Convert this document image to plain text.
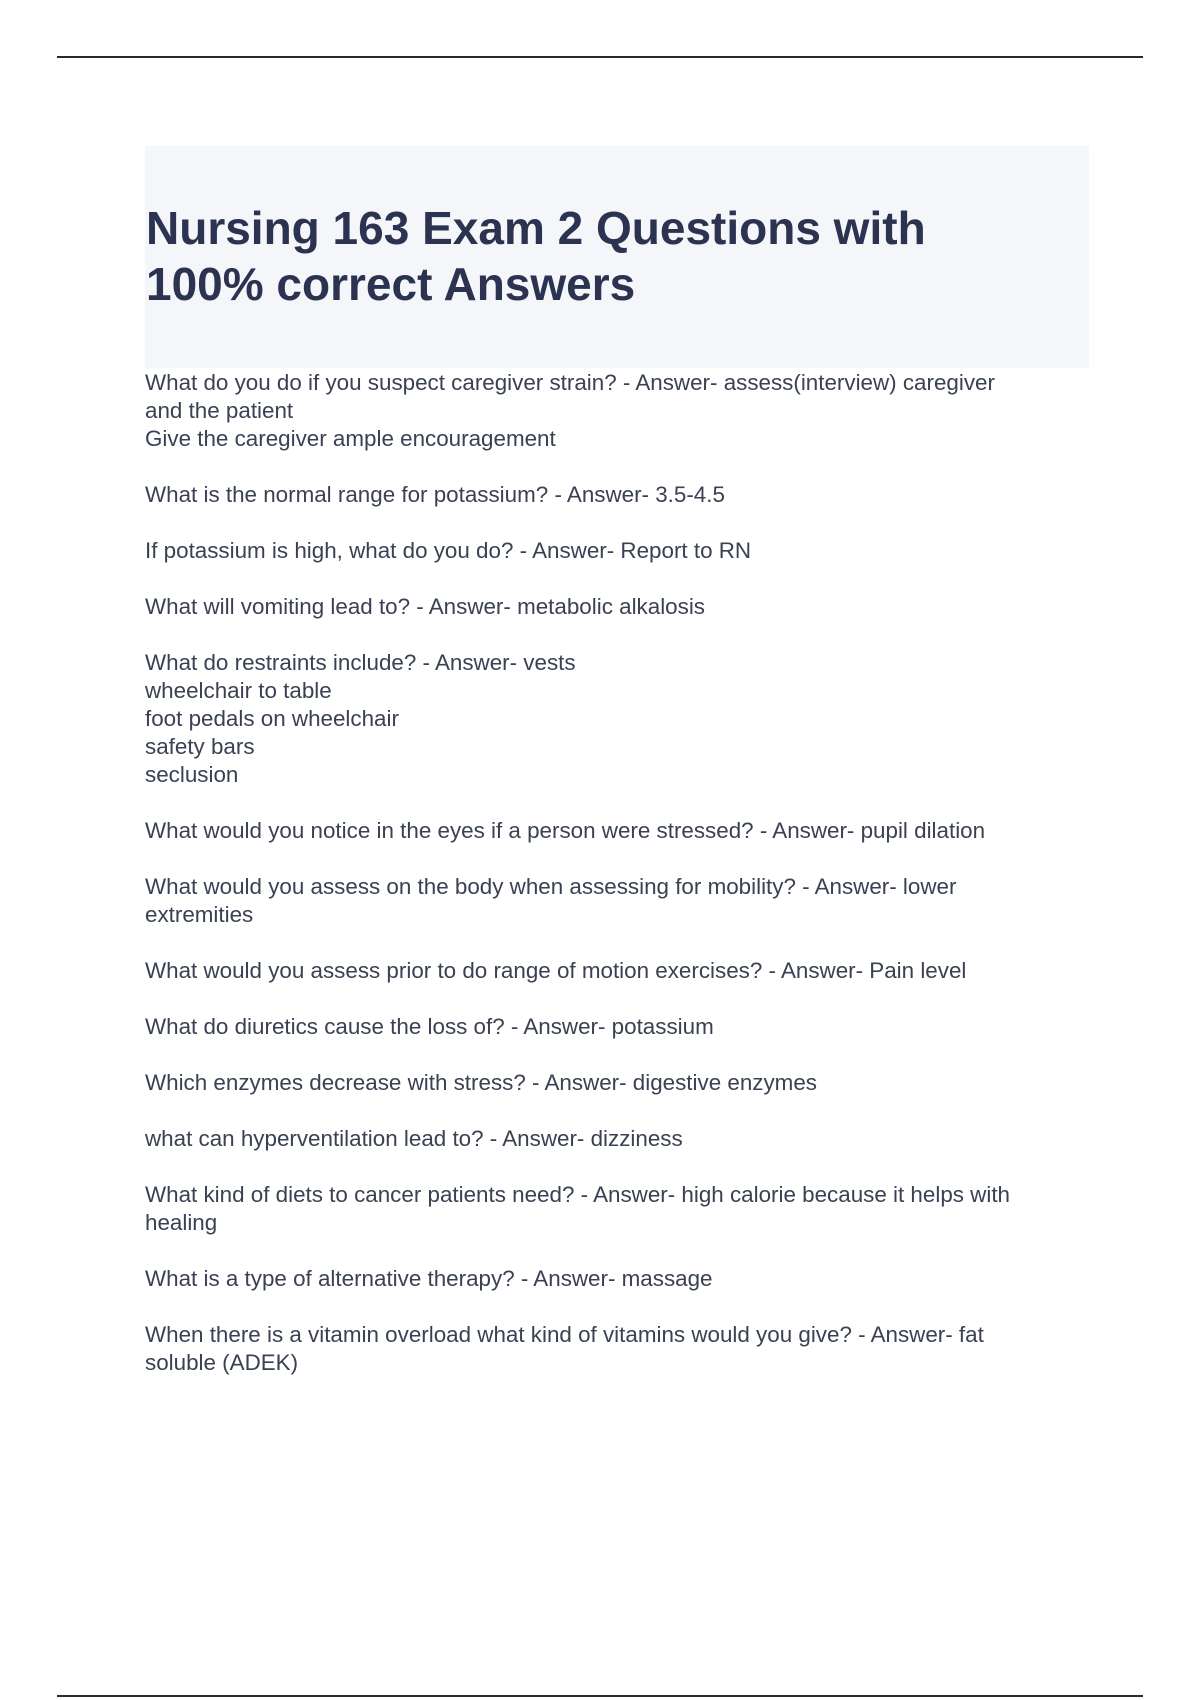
Nursing 163 Exam 2 Questions with
100% correct Answers
What do you do if you suspect caregiver strain? - Answer- assess(interview) caregiver
and the patient
Give the caregiver ample encouragement
What is the normal range for potassium? - Answer- 3.5-4.5
If potassium is high, what do you do? - Answer- Report to RN
What will vomiting lead to? - Answer- metabolic alkalosis
What do restraints include? - Answer- vests
wheelchair to table
foot pedals on wheelchair
safety bars
seclusion
What would you notice in the eyes if a person were stressed? - Answer- pupil dilation
What would you assess on the body when assessing for mobility? - Answer- lower
extremities
What would you assess prior to do range of motion exercises? - Answer- Pain level
What do diuretics cause the loss of? - Answer- potassium
Which enzymes decrease with stress? - Answer- digestive enzymes
what can hyperventilation lead to? - Answer- dizziness
What kind of diets to cancer patients need? - Answer- high calorie because it helps with
healing
What is a type of alternative therapy? - Answer- massage
When there is a vitamin overload what kind of vitamins would you give? - Answer- fat
soluble (ADEK)
